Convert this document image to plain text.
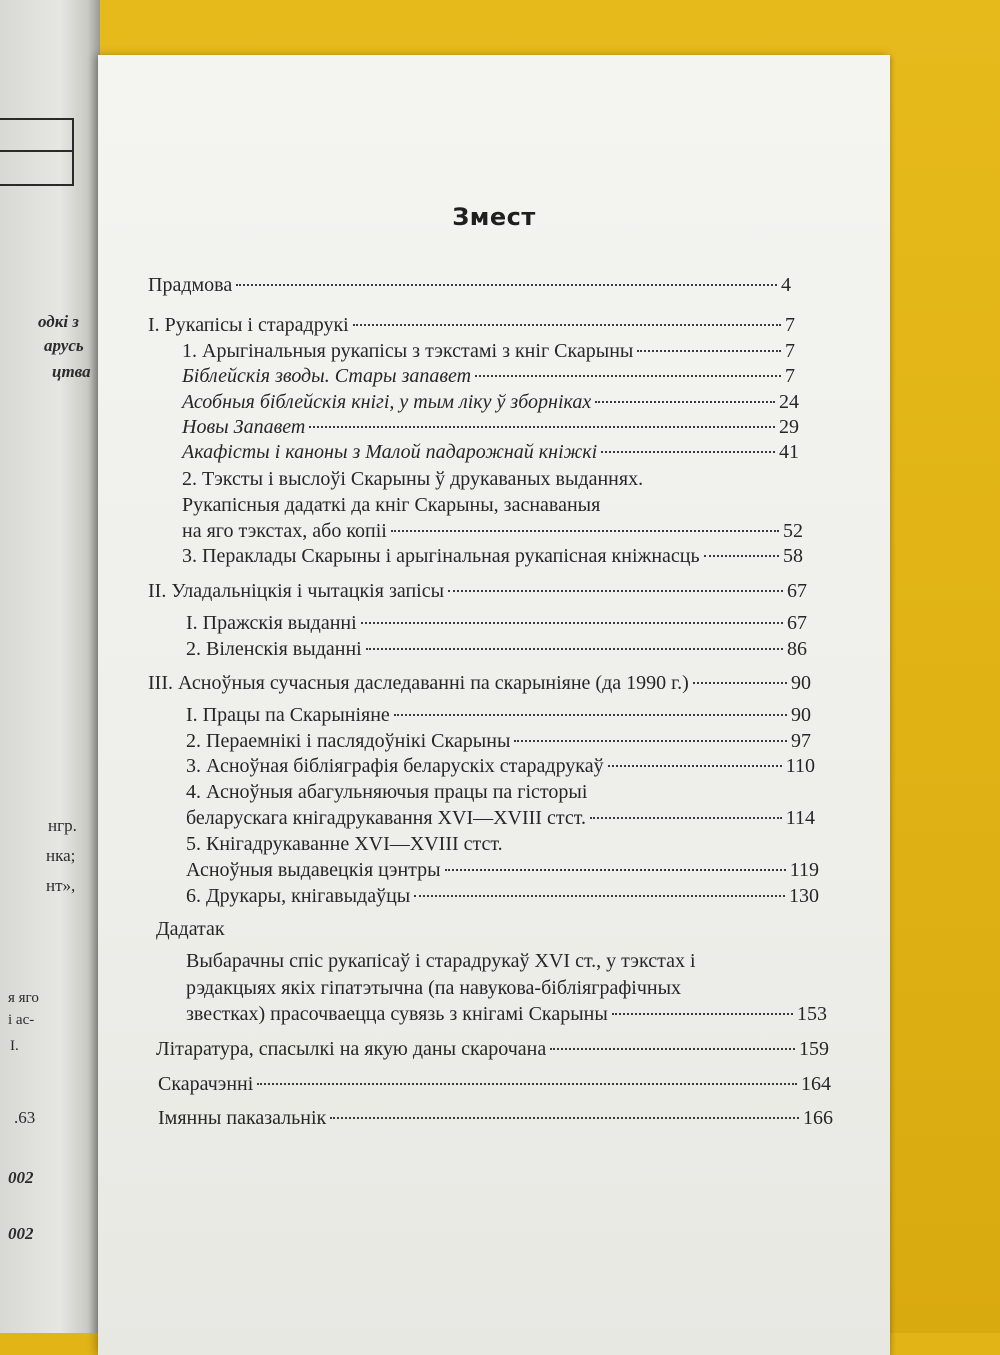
одкі з
арусь
цтва
нгр.
нка;
нт»,
я яго
і ас-
I.
.63
002
002
Змест
Прадмова	4
I. Рукапісы і старадрукі	7
1. Арыгінальныя рукапісы з тэкстамі з кніг Скарыны	7
Біблейскія зводы. Стары запавет	7
Асобныя біблейскія кнігі, у тым ліку ў зборніках	24
Новы Запавет	29
Акафісты і каноны з Малой падарожнай кніжкі	41
2. Тэксты і выслоўі Скарыны ў друкаваных выданнях.
Рукапісныя дадаткі да кніг Скарыны, заснаваныя
на яго тэкстах, або копіі	52
3. Пераклады Скарыны і арыгінальная рукапісная кніжнасць	58
II. Уладальніцкія і чытацкія запісы	67
I. Пражскія выданні	67
2. Віленскія выданні	86
III. Асноўныя сучасныя даследаванні па скарыніяне (да 1990 г.)	90
I. Працы па Скарыніяне	90
2. Пераемнікі і паслядоўнікі Скарыны	97
3. Асноўная бібліяграфія беларускіх старадрукаў	110
4. Асноўныя абагульняючыя працы па гісторыі
беларускага кнігадрукавання XVI—XVIII стст.	114
5. Кнігадрукаванне XVI—XVIII стст.
Асноўныя выдавецкія цэнтры	119
6. Друкары, кнігавыдаўцы	130
Дадатак
Выбарачны спіс рукапісаў і старадрукаў XVI ст., у тэкстах і
рэдакцыях якіх гіпатэтычна (па навукова-бібліяграфічных
звестках) прасочваецца сувязь з кнігамі Скарыны	153
Літаратура, спасылкі на якую даны скарочана	159
Скарачэнні	164
Імянны паказальнік	166
